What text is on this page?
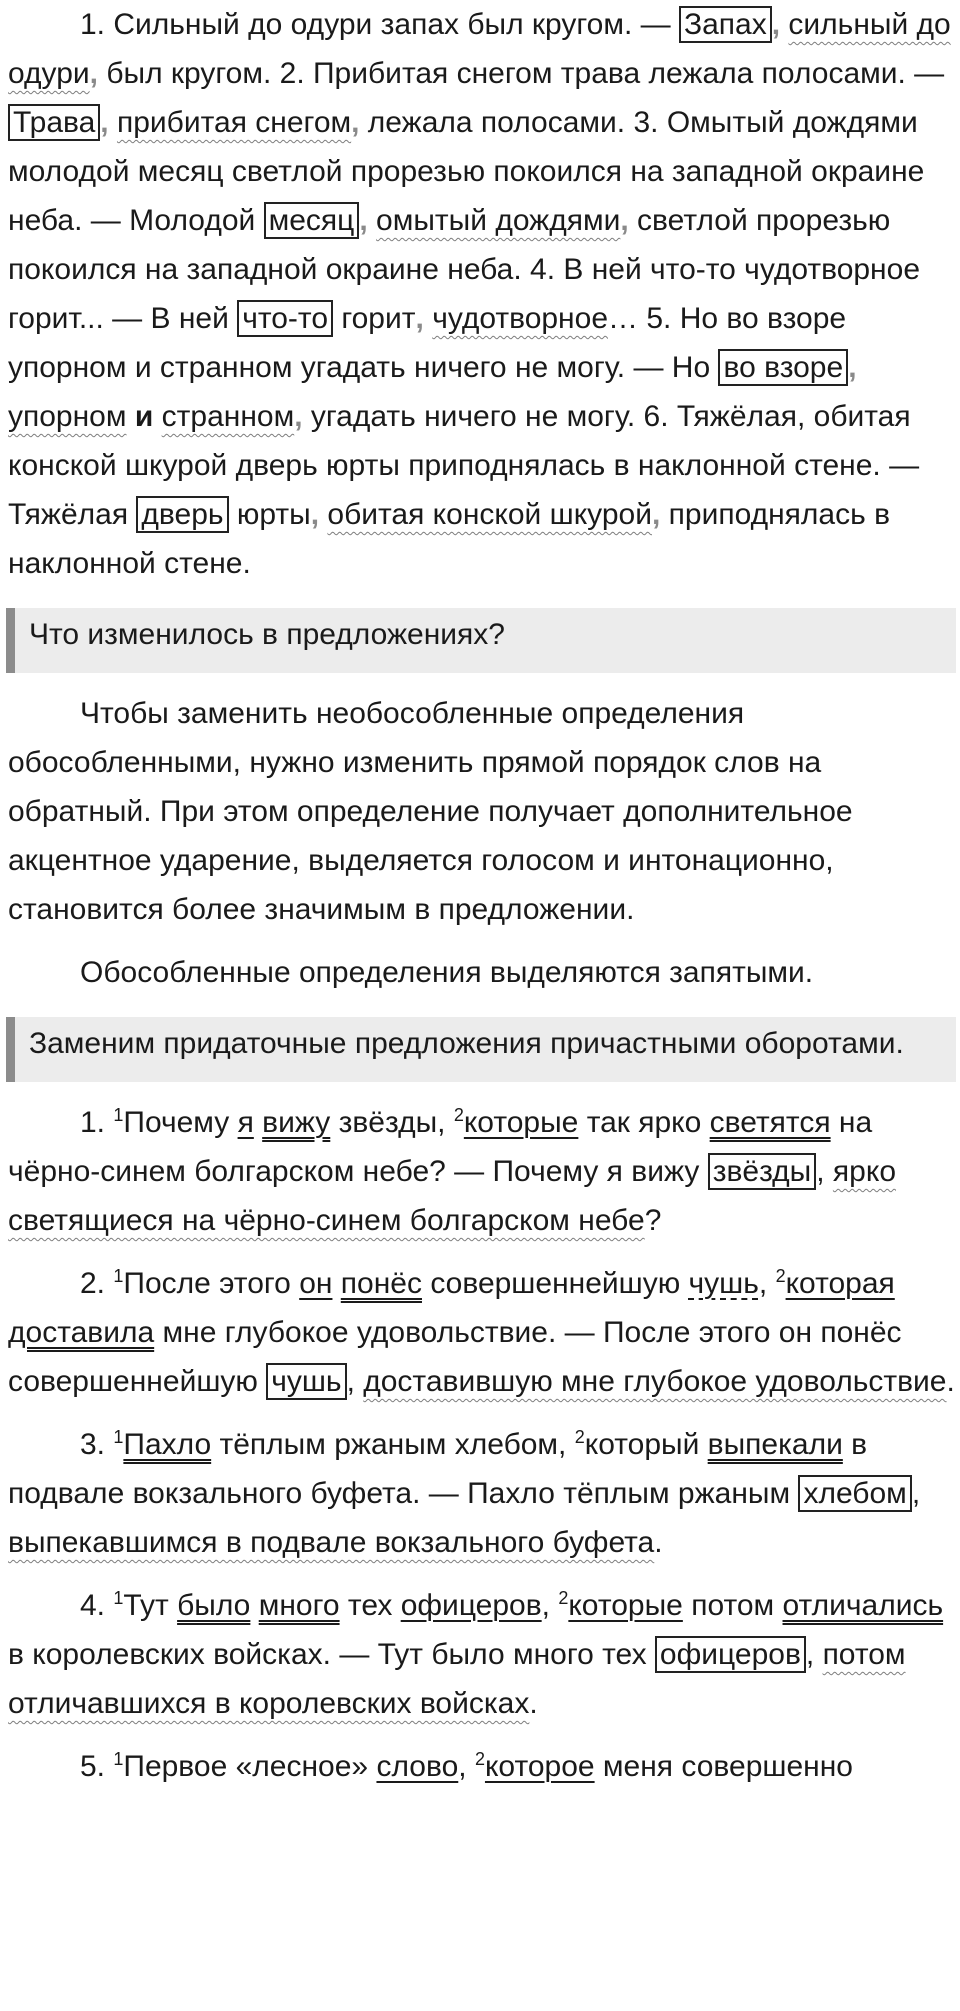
1. Сильный до одури запах был кругом. — Запах , сильный до одури, был кругом. 2. Прибитая снегом трава лежала полосами. — Трава , прибитая снегом, лежала полосами. 3. Омытый дождями молодой месяц светлой прорезью покоился на западной окраине неба. — Молодой месяц , омытый дождями, светлой прорезью покоился на западной окраине неба. 4. В ней что-то чудотворное горит... — В ней что-то горит, чудотворное… 5. Но во взоре упорном и странном угадать ничего не могу. — Но во взоре , упорном и странном, угадать ничего не могу. 6. Тяжёлая, обитая конской шкурой дверь юрты приподнялась в наклонной стене. — Тяжёлая дверь юрты, обитая конской шкурой, приподнялась в наклонной стене.

Что изменилось в предложениях?

Чтобы заменить необособленные определения обособленными, нужно изменить прямой порядок слов на обратный. При этом определение получает дополнительное акцентное ударение, выделяется голосом и интонационно, становится более значимым в предложении.

Обособленные определения выделяются запятыми.

Заменим придаточные предложения причастными оборотами.

1. $^1$Почему я вижу звёзды, $^2$которые так ярко светятся на чёрно-синем болгарском небе? — Почему я вижу звёзды , ярко светящиеся на чёрно-синем болгарском небе?

2. $^1$После этого он понёс совершеннейшую чушь, $^2$которая доставила мне глубокое удовольствие. — После этого он понёс совершеннейшую чушь , доставившую мне глубокое удовольствие.

3. $^1$Пахло тёплым ржаным хлебом, $^2$который выпекали в подвале вокзального буфета. — Пахло тёплым ржаным хлебом , выпекавшимся в подвале вокзального буфета.

4. $^1$Тут было много тех офицеров, $^2$которые потом отличались в королевских войсках. — Тут было много тех офицеров , потом отличавшихся в королевских войсках.

5. $^1$Первое «лесное» слово, $^2$которое меня совершенно
